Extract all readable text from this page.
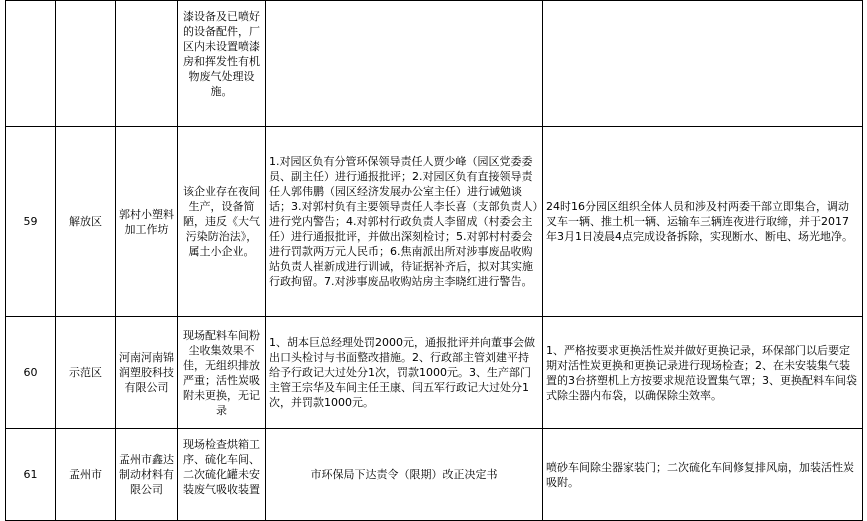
			漆设备及已喷好的设备配件，厂区内未设置喷漆房和挥发性有机物废气处理设施。		
59	解放区	郭村小塑料加工作坊	该企业存在夜间生产，设备简陋，违反《大气污染防治法》，属土小企业。	1.对园区负有分管环保领导责任人贾少峰（园区党委委员、副主任）进行通报批评；2.对园区负有直接领导责任人郭伟鹏（园区经济发展办公室主任）进行诫勉谈话；3.对郭村负有主要领导责任人李长喜（支部负责人）进行党内警告；4.对郭村行政负责人李留成（村委会主任）进行通报批评，并做出深刻检讨；5.对郭村村委会进行罚款两万元人民币；6.焦南派出所对涉事废品收购站负责人崔新成进行训诫，待证据补齐后，拟对其实施行政拘留。7.对涉事废品收购站房主李晓红进行警告。	24时16分园区组织全体人员和涉及村两委干部立即集合，调动叉车一辆、推土机一辆、运输车三辆连夜进行取缔，并于2017年3月1日凌晨4点完成设备拆除，实现断水、断电、场光地净。
60	示范区	河南河南锦润塑胶科技有限公司	现场配料车间粉尘收集效果不佳，无组织排放严重；活性炭吸附未更换，无记录	1、胡本巨总经理处罚2000元，通报批评并向董事会做出口头检讨与书面整改措施。2、行政部主管刘建平持给予行政记大过处分1次，罚款1000元。3、生产部门主管王宗华及车间主任王康、闫五军行政记大过处分1次，并罚款1000元。	1、严格按要求更换活性炭并做好更换记录，环保部门以后要定期对活性炭更换和更换记录进行现场检查；2、在未安装集气装置的3台挤塑机上方按要求规范设置集气罩；3、更换配料车间袋式除尘器内布袋，以确保除尘效率。
61	孟州市	孟州市鑫达制动材料有限公司	现场检查烘箱工序、硫化车间、二次硫化罐未安装废气吸收装置	市环保局下达责令（限期）改正决定书	喷砂车间除尘器家装门；二次硫化车间修复排风扇，加装活性炭吸附。
